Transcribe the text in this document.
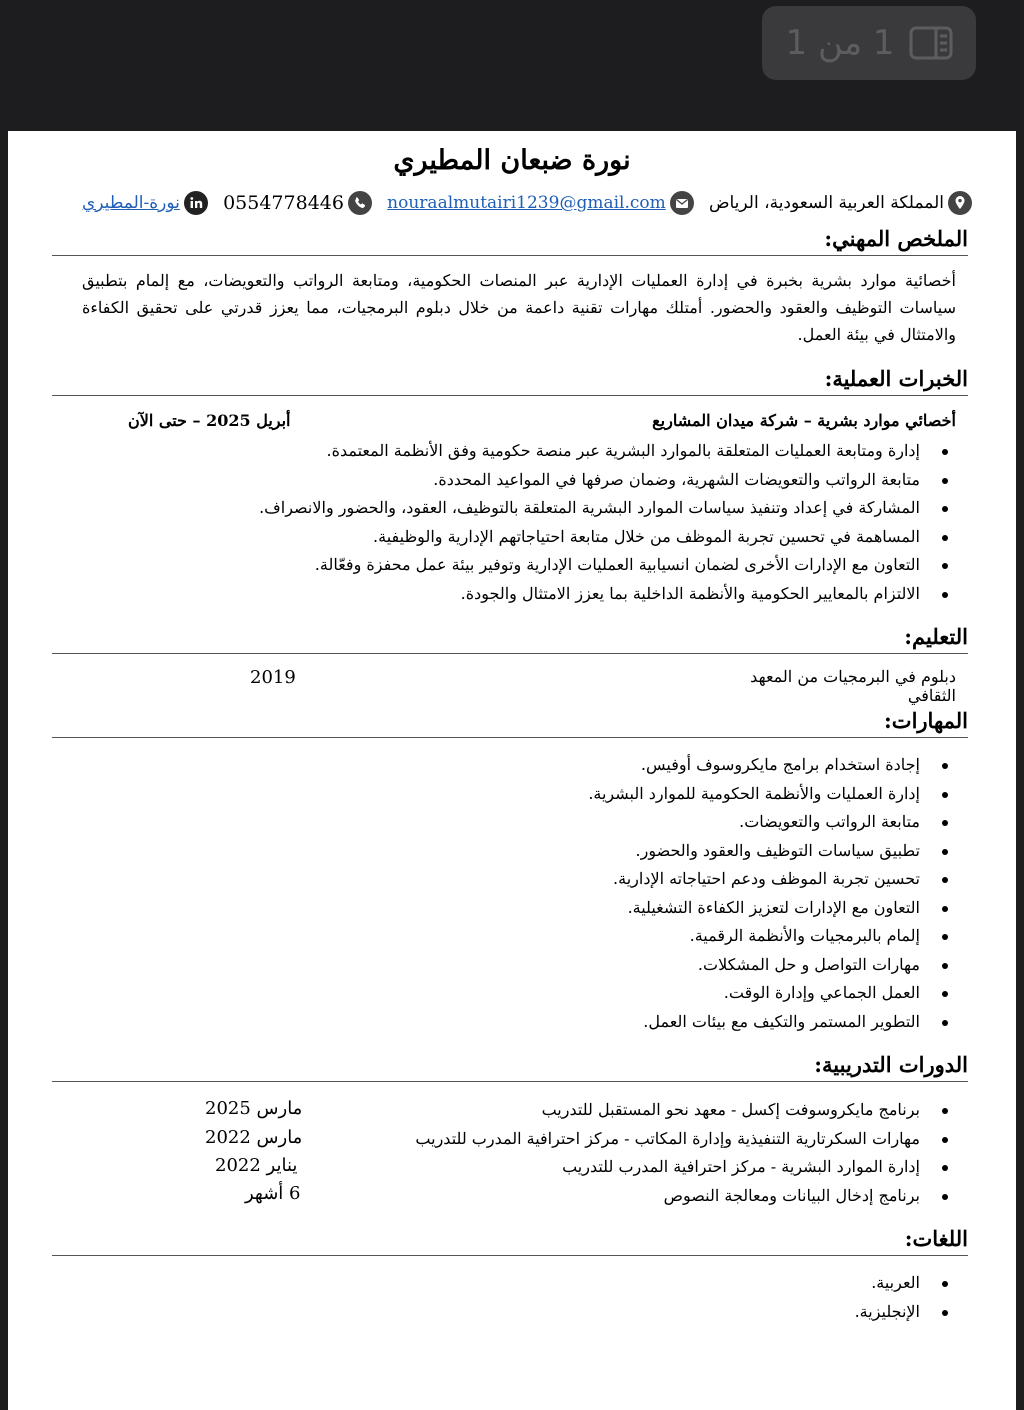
1 من 1
نورة ضبعان المطيري
المملكة العربية السعودية، الرياض
nouraalmutairi1239@gmail.com
0554778446
نورة-المطيري
الملخص المهني:
أخصائية موارد بشرية بخبرة في إدارة العمليات الإدارية عبر المنصات الحكومية، ومتابعة الرواتب والتعويضات، مع إلمام بتطبيق سياسات التوظيف والعقود والحضور. أمتلك مهارات تقنية داعمة من خلال دبلوم البرمجيات، مما يعزز قدرتي على تحقيق الكفاءة والامتثال في بيئة العمل.
الخبرات العملية:
أخصائي موارد بشرية – شركة ميدان المشاريع
أبريل 2025 – حتى الآن
إدارة ومتابعة العمليات المتعلقة بالموارد البشرية عبر منصة حكومية وفق الأنظمة المعتمدة.
متابعة الرواتب والتعويضات الشهرية، وضمان صرفها في المواعيد المحددة.
المشاركة في إعداد وتنفيذ سياسات الموارد البشرية المتعلقة بالتوظيف، العقود، والحضور والانصراف.
المساهمة في تحسين تجربة الموظف من خلال متابعة احتياجاتهم الإدارية والوظيفية.
التعاون مع الإدارات الأخرى لضمان انسيابية العمليات الإدارية وتوفير بيئة عمل محفزة وفعّالة.
الالتزام بالمعايير الحكومية والأنظمة الداخلية بما يعزز الامتثال والجودة.
التعليم:
دبلوم في البرمجيات من المعهد الثقافي
2019
المهارات:
إجادة استخدام برامج مايكروسوف أوفيس.
إدارة العمليات والأنظمة الحكومية للموارد البشرية.
متابعة الرواتب والتعويضات.
تطبيق سياسات التوظيف والعقود والحضور.
تحسين تجربة الموظف ودعم احتياجاته الإدارية.
التعاون مع الإدارات لتعزيز الكفاءة التشغيلية.
إلمام بالبرمجيات والأنظمة الرقمية.
مهارات التواصل و حل المشكلات.
العمل الجماعي وإدارة الوقت.
التطوير المستمر والتكيف مع بيئات العمل.
الدورات التدريبية:
برنامج مايكروسوفت إكسل - معهد نحو المستقبل للتدريب
مهارات السكرتارية التنفيذية وإدارة المكاتب - مركز احترافية المدرب للتدريب
إدارة الموارد البشرية - مركز احترافية المدرب للتدريب
برنامج إدخال البيانات ومعالجة النصوص
مارس 2025
مارس 2022
يناير 2022
6 أشهر
اللغات:
العربية.
الإنجليزية.
